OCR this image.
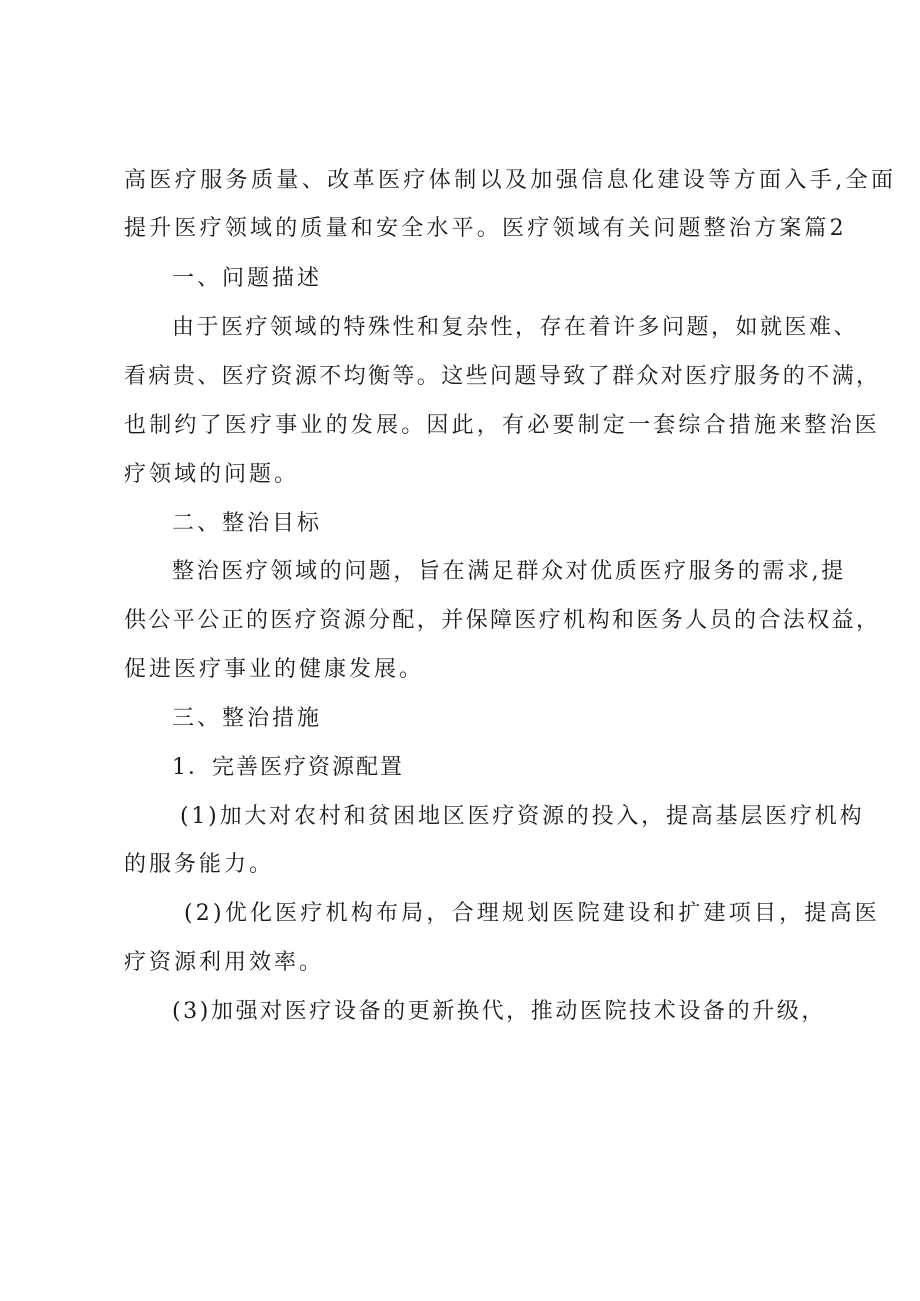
高医疗服务质量、改革医疗体制以及加强信息化建设等方面入手,全面
提升医疗领域的质量和安全水平。医疗领域有关问题整治方案篇2
一、问题描述
由于医疗领域的特殊性和复杂性，存在着许多问题，如就医难、
看病贵、医疗资源不均衡等。这些问题导致了群众对医疗服务的不满，
也制约了医疗事业的发展。因此，有必要制定一套综合措施来整治医
疗领域的问题。
二、整治目标
整治医疗领域的问题，旨在满足群众对优质医疗服务的需求,提
供公平公正的医疗资源分配，并保障医疗机构和医务人员的合法权益，
促进医疗事业的健康发展。
三、整治措施
1．完善医疗资源配置
(1)加大对农村和贫困地区医疗资源的投入，提高基层医疗机构
的服务能力。
(2)优化医疗机构布局，合理规划医院建设和扩建项目，提高医
疗资源利用效率。
(3)加强对医疗设备的更新换代，推动医院技术设备的升级，
